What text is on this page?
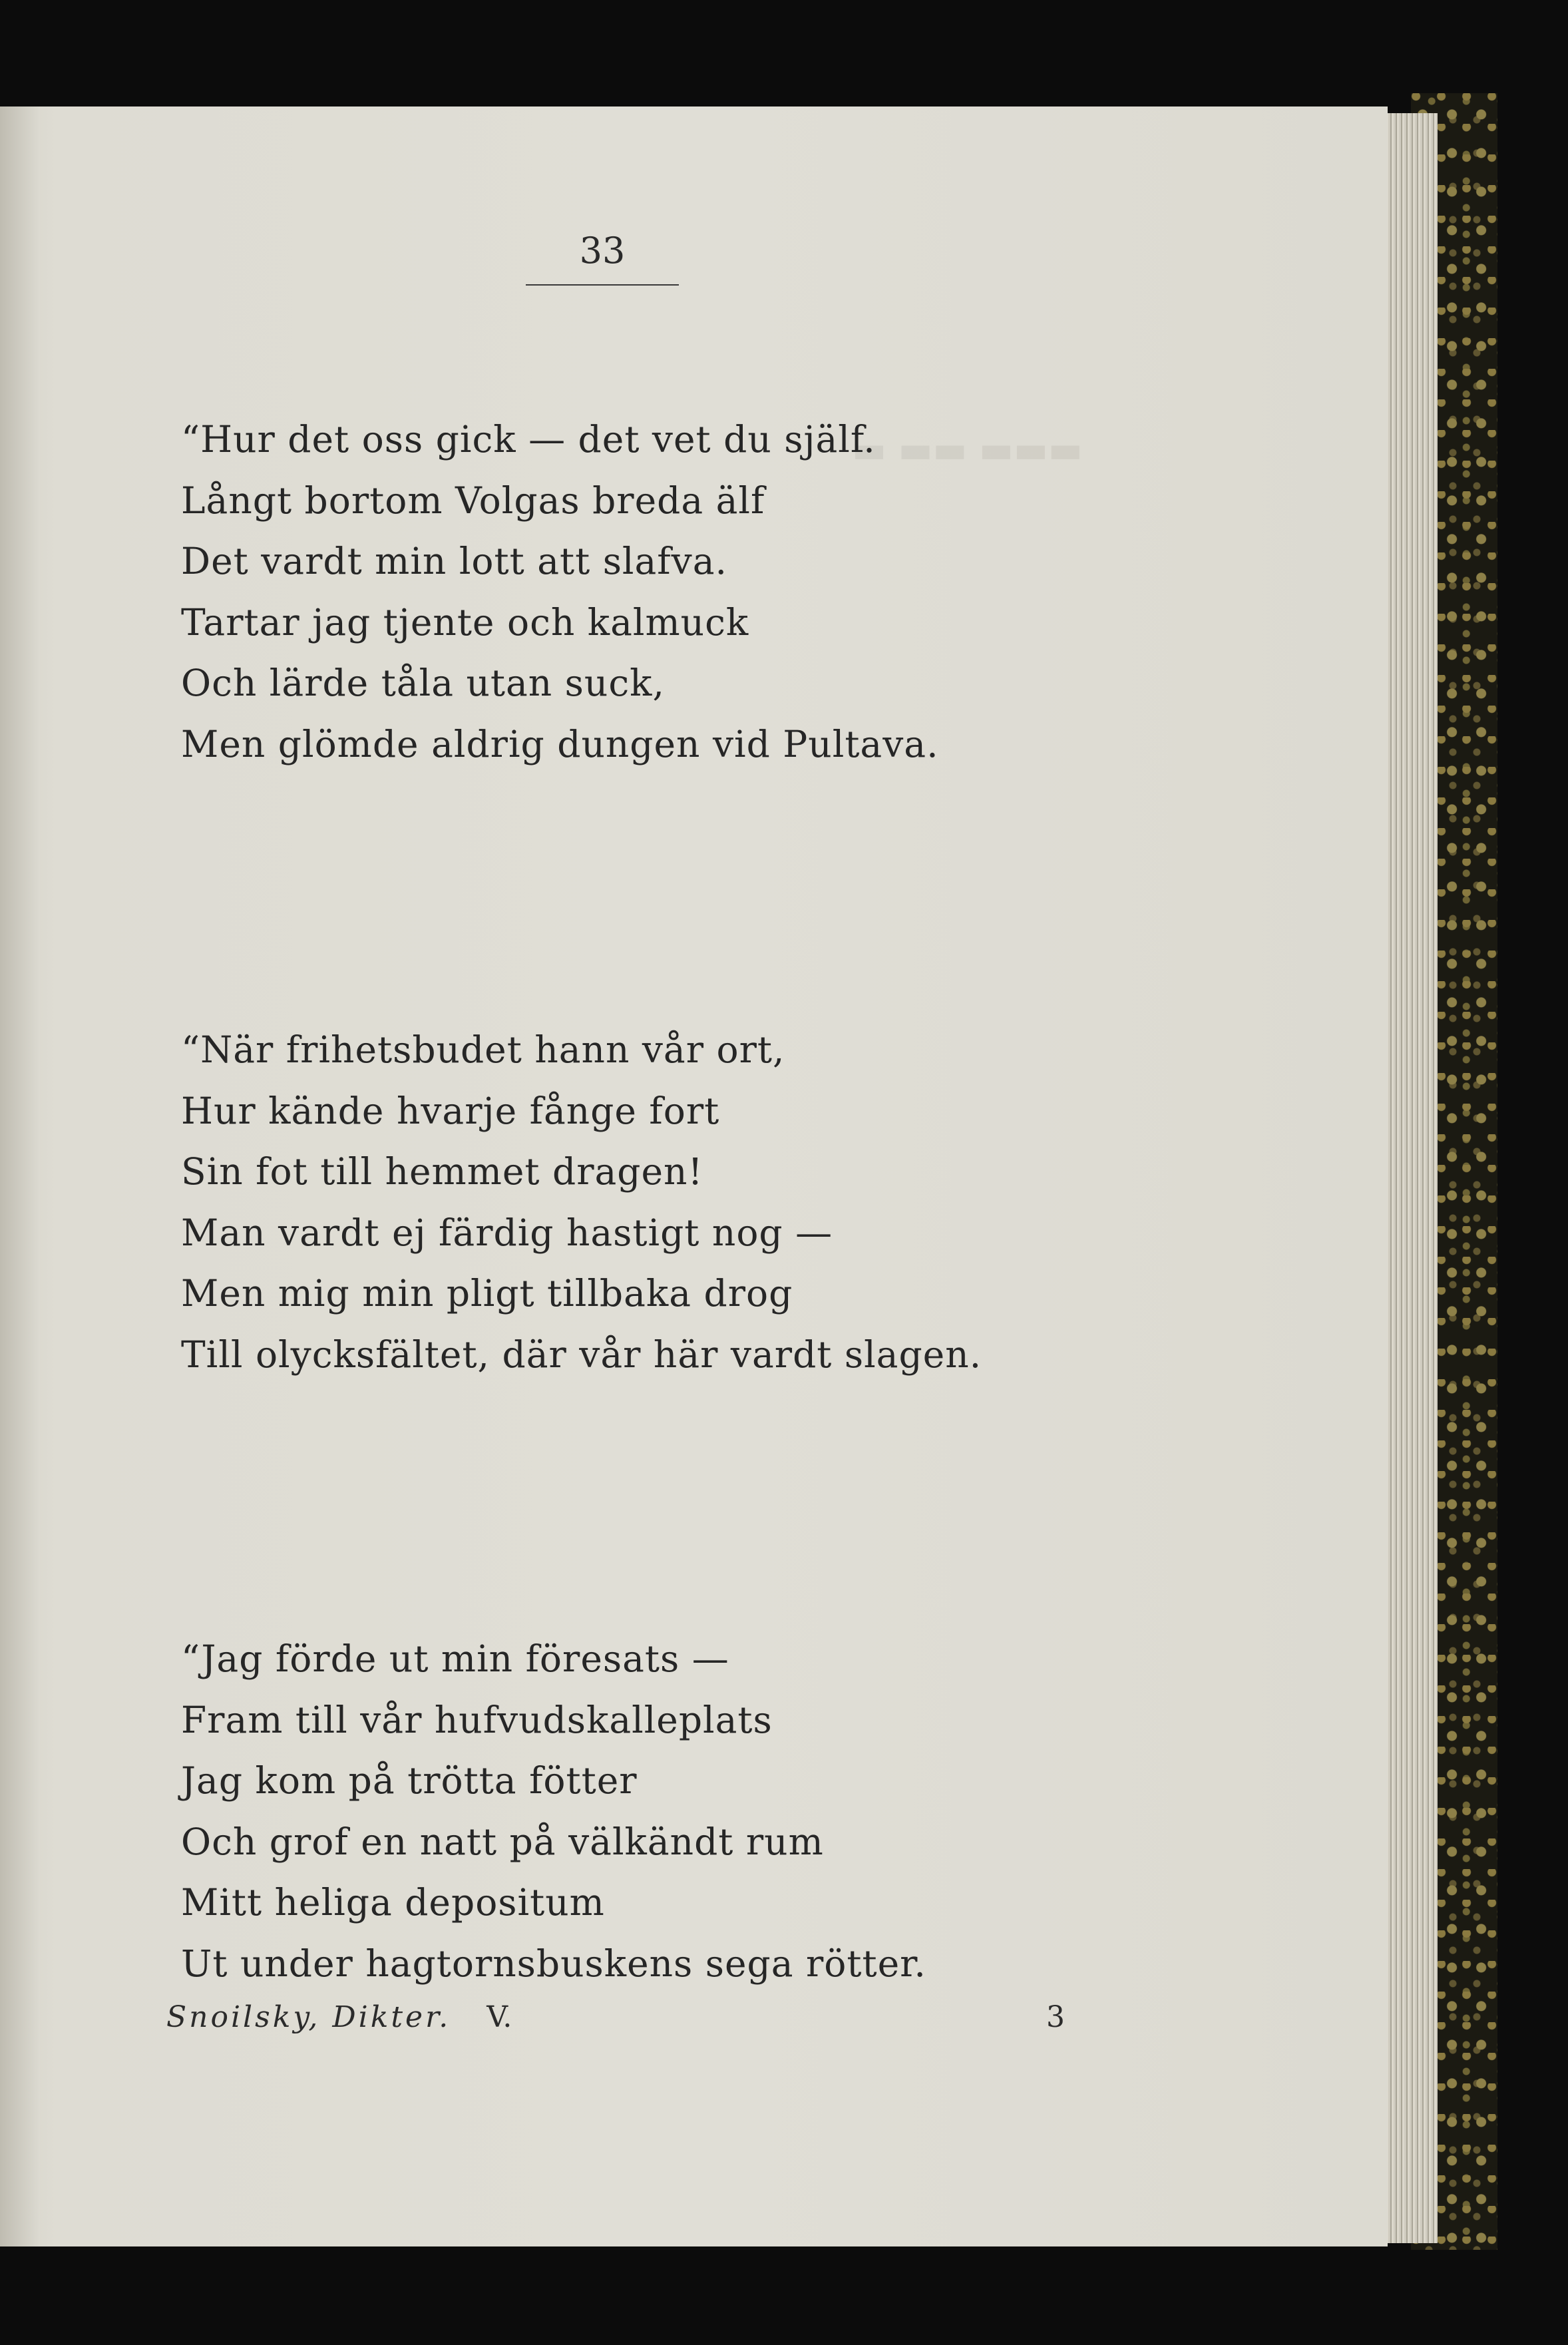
▬ ▬▬ ▬▬▬
33
“Hur det oss gick — det vet du själf.
Långt bortom Volgas breda älf
Det vardt min lott att slafva.
Tartar jag tjente och kalmuck
Och lärde tåla utan suck,
Men glömde aldrig dungen vid Pultava.
“När frihetsbudet hann vår ort,
Hur kände hvarje fånge fort
Sin fot till hemmet dragen!
Man vardt ej färdig hastigt nog —
Men mig min pligt tillbaka drog
Till olycksfältet, där vår här vardt slagen.
“Jag förde ut min föresats —
Fram till vår hufvudskalleplats
Jag kom på trötta fötter
Och grof en natt på välkändt rum
Mitt heliga depositum
Ut under hagtornsbuskens sega rötter.
Snoilsky, Dikter. V.	3
